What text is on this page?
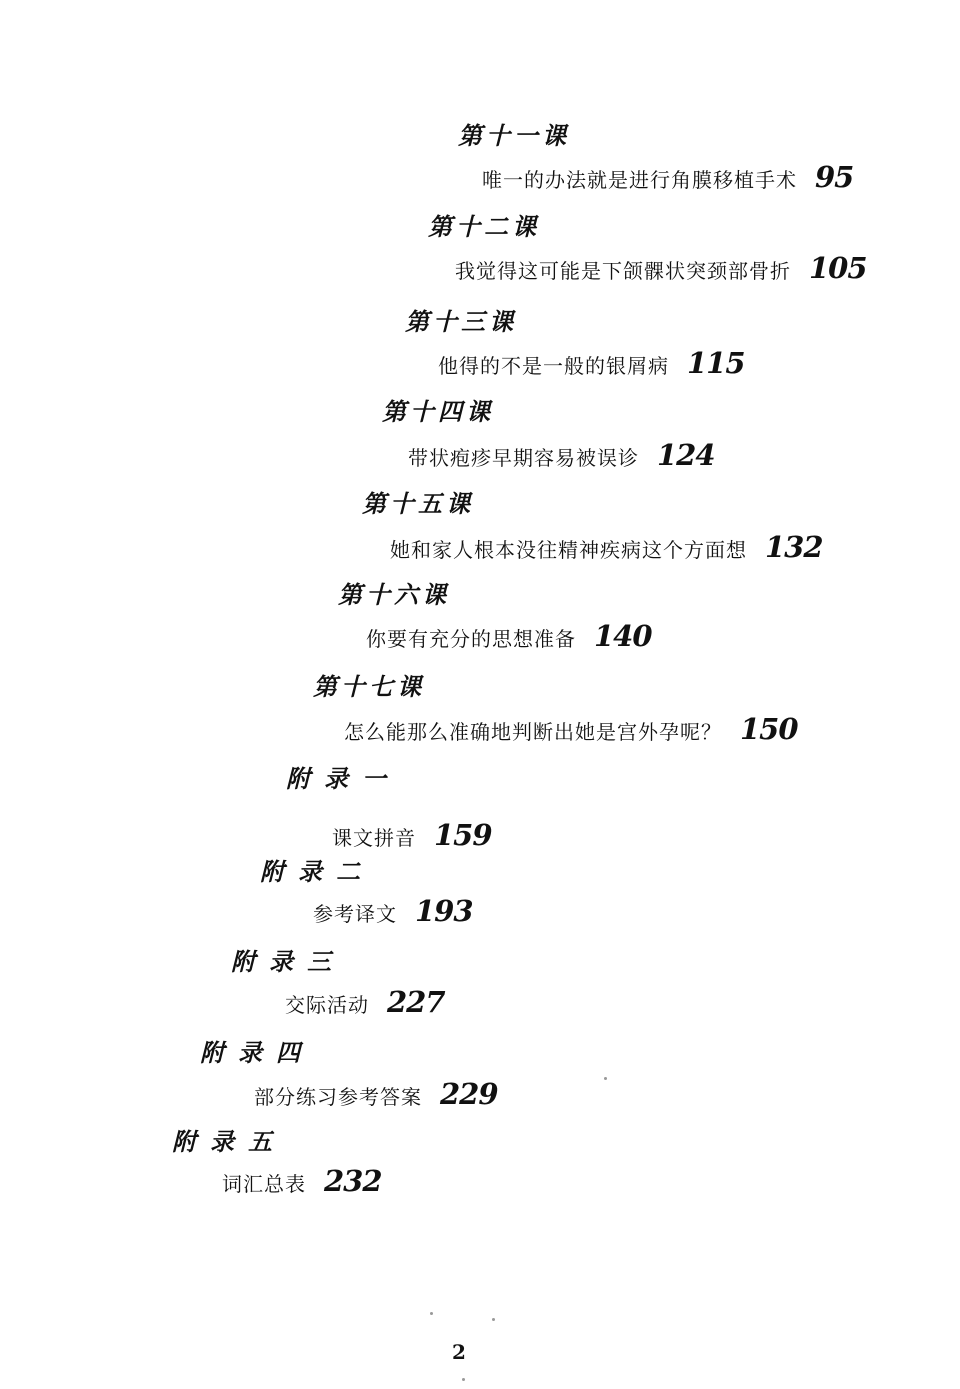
第十一课
唯一的办法就是进行角膜移植手术 95
第十二课
我觉得这可能是下颌髁状突颈部骨折 105
第十三课
他得的不是一般的银屑病 115
第十四课
带状疱疹早期容易被误诊 124
第十五课
她和家人根本没往精神疾病这个方面想 132
第十六课
你要有充分的思想准备 140
第十七课
怎么能那么准确地判断出她是宫外孕呢？ 150
附录一
课文拼音 159
附录二
参考译文 193
附录三
交际活动 227
附录四
部分练习参考答案 229
附录五
词汇总表 232
2
